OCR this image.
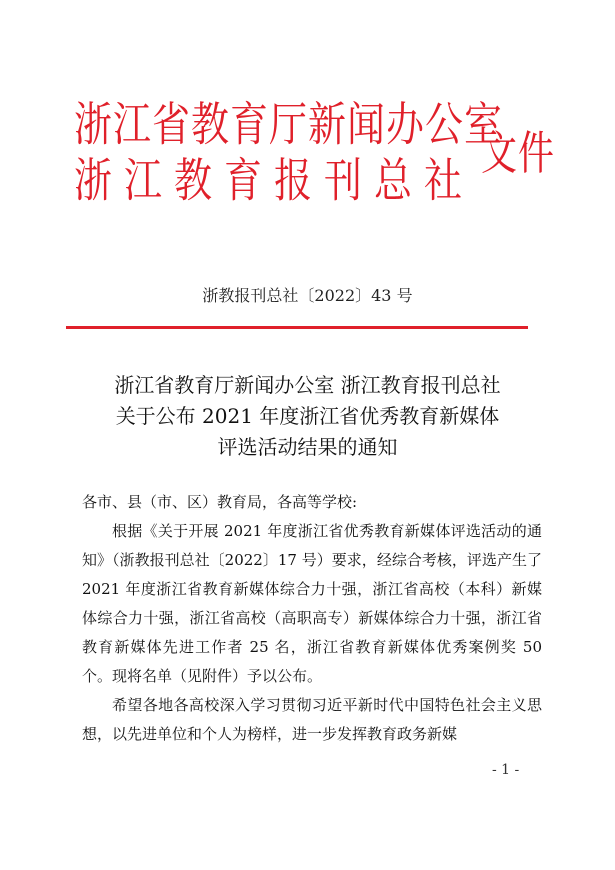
浙江省教育厅新闻办公室
浙江教育报刊总社 文件
浙教报刊总社〔2022〕43 号
浙江省教育厅新闻办公室 浙江教育报刊总社
关于公布 2021 年度浙江省优秀教育新媒体
评选活动结果的通知

各市、县（市、区）教育局，各高等学校:

根据《关于开展 2021 年度浙江省优秀教育新媒体评选活动的通知》（浙教报刊总社〔2022〕17 号）要求，经综合考核，评选产生了 2021 年度浙江省教育新媒体综合力十强，浙江省高校（本科）新媒体综合力十强，浙江省高校（高职高专）新媒体综合力十强，浙江省教育新媒体先进工作者 25 名，浙江省教育新媒体优秀案例奖 50 个。现将名单（见附件）予以公布。

希望各地各高校深入学习贯彻习近平新时代中国特色社会主义思想，以先进单位和个人为榜样，进一步发挥教育政务新媒

- 1 -
